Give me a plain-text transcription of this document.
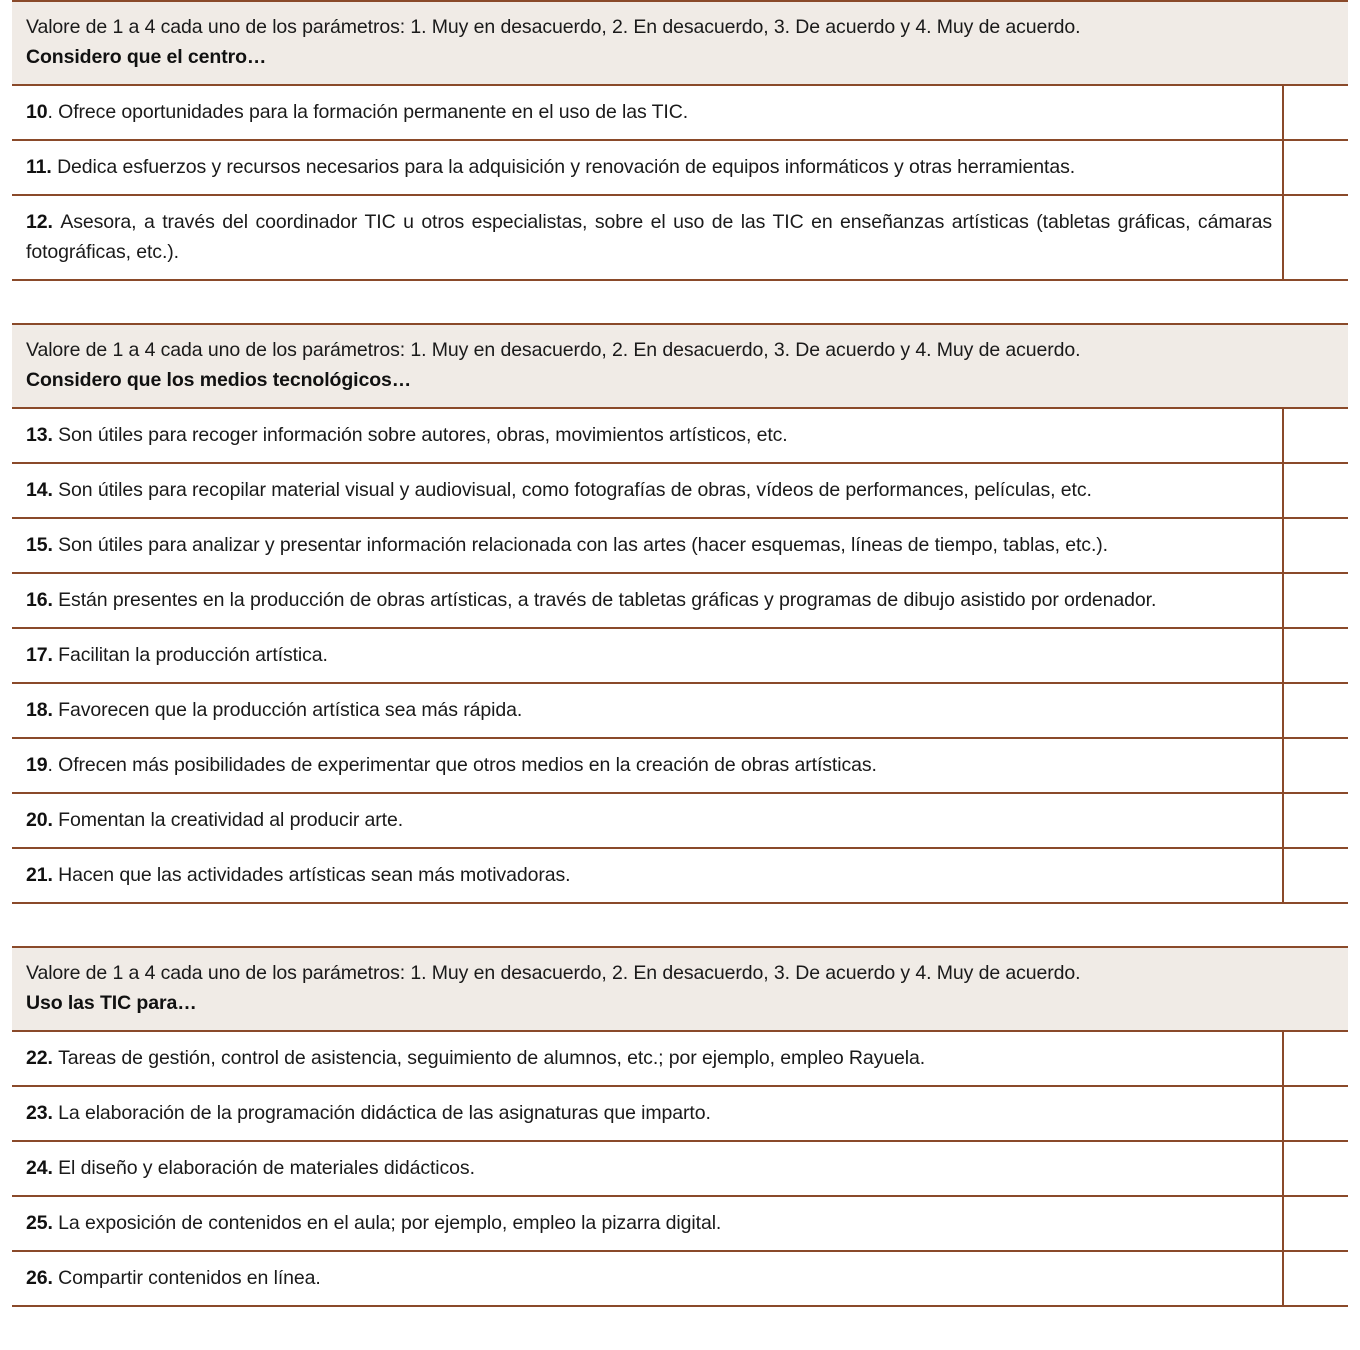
Valore de 1 a 4 cada uno de los parámetros: 1. Muy en desacuerdo, 2. En desacuerdo, 3. De acuerdo y 4. Muy de acuerdo.
Considero que el centro…
10. Ofrece oportunidades para la formación permanente en el uso de las TIC.
11. Dedica esfuerzos y recursos necesarios para la adquisición y renovación de equipos informáticos y otras herramientas.
12. Asesora, a través del coordinador TIC u otros especialistas, sobre el uso de las TIC en enseñanzas artísticas (tabletas gráficas, cámaras fotográficas, etc.).
Valore de 1 a 4 cada uno de los parámetros: 1. Muy en desacuerdo, 2. En desacuerdo, 3. De acuerdo y 4. Muy de acuerdo.
Considero que los medios tecnológicos…
13. Son útiles para recoger información sobre autores, obras, movimientos artísticos, etc.
14. Son útiles para recopilar material visual y audiovisual, como fotografías de obras, vídeos de performances, películas, etc.
15. Son útiles para analizar y presentar información relacionada con las artes (hacer esquemas, líneas de tiempo, tablas, etc.).
16. Están presentes en la producción de obras artísticas, a través de tabletas gráficas y programas de dibujo asistido por ordenador.
17. Facilitan la producción artística.
18. Favorecen que la producción artística sea más rápida.
19. Ofrecen más posibilidades de experimentar que otros medios en la creación de obras artísticas.
20. Fomentan la creatividad al producir arte.
21. Hacen que las actividades artísticas sean más motivadoras.
Valore de 1 a 4 cada uno de los parámetros: 1. Muy en desacuerdo, 2. En desacuerdo, 3. De acuerdo y 4. Muy de acuerdo.
Uso las TIC para…
22. Tareas de gestión, control de asistencia, seguimiento de alumnos, etc.; por ejemplo, empleo Rayuela.
23. La elaboración de la programación didáctica de las asignaturas que imparto.
24. El diseño y elaboración de materiales didácticos.
25. La exposición de contenidos en el aula; por ejemplo, empleo la pizarra digital.
26. Compartir contenidos en línea.
